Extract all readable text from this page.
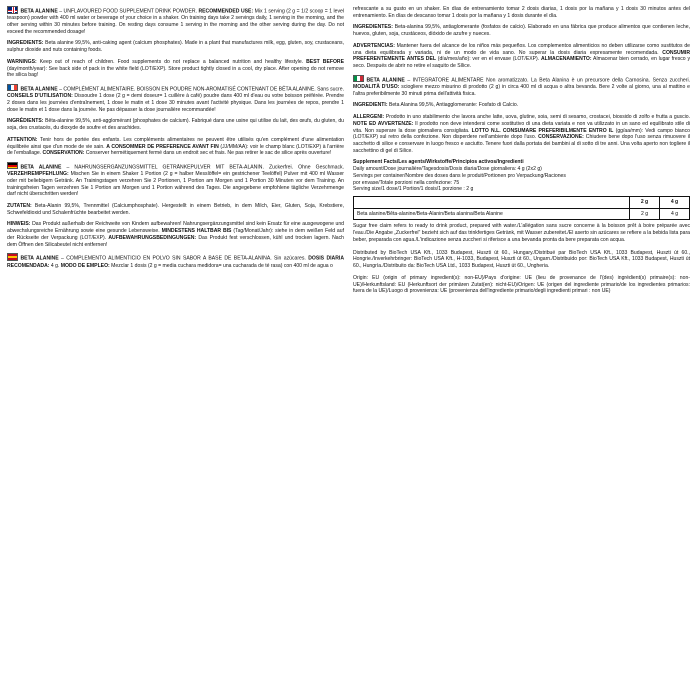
BETA ALANINE – UNFLAVOURED FOOD SUPPLEMENT DRINK POWDER. RECOMMENDED USE: Mix 1 serving (2 g = 1/2 scoop = 1 level teaspoon) powder with 400 ml water or beverage of your choice in a shaker. On training days take 2 servings daily, 1 serving in the morning, and the other serving within 30 minutes before training. On resting days consume 1 serving in the morning and the other serving during the day. Do not exceed the recommended dosage!

INGREDIENTS: Beta alanine 99,5%, anti-caking agent (calcium phosphates). Made in a plant that manufactures milk, egg, gluten, soy, crustaceans, sulphur dioxide and nuts containing foods.

WARNINGS: Keep out of reach of children. Food supplements do not replace a balanced nutrition and healthy lifestyle. BEST BEFORE (day/month/year): See back side of pack in the white field (LOT/EXP). Store product tightly closed in a cool, dry place. After opening do not remove the silica bag!

BETA ALANINE – COMPLÉMENT ALIMENTAIRE. BOISSON EN POUDRE NON-AROMATISÉ CONTENANT DE BÊTA ALANINE. Sans sucre. CONSEILS D'UTILISATION: Dissoudre 1 dose (2 g = demi doseur= 1 cuillère à café) poudre dans 400 ml d'eau ou votre boisson préférée. Prendre 2 doses dans les journées d'entraînement, 1 dose le matin et 1 dose 30 minutes avant l'activité physique. Dans les journées de repos, prendre 1 dose le matin et 1 dose dans la journée. Ne pas dépasser la dose journalière recommandée!

INGRÉDIENTS: Bêta-alanine 99,5%, anti-agglomérant (phosphates de calcium). Fabriqué dans une usine qui utilise du lait, des œufs, du gluten, du soja, des crustacés, du dioxyde de soufre et des arachides.

ATTENTION: Tenir hors de portée des enfants. Les compléments alimentaires ne peuvent être utilisés qu'en complément d'une alimentation équilibrée ainsi que d'un mode de vie sain. A CONSOMMER DE PREFERENCE AVANT FIN (JJ/MM/AA): voir le champ blanc (LOT/EXP) à l'arrière de l'emballage. CONSERVATION: Conserver hermétiquement fermé dans un endroit sec et frais. Ne pas retirer le sac de silice après ouverture!

BETA ALANINE – NAHRUNGSERGÄNZUNGSMITTEL GETRÄNKEPULVER MIT BETA-ALANIN. Zuckerfrei. Ohne Geschmack. VERZEHREMPFEHLUNG: Mischen Sie in einem Shaker 1 Portion (2 g = halber Messlöffel= ein gestrichener Teelöffel) Pulver mit 400 ml Wasser oder mit beliebigem Getränk. An Trainingstagen verzehren Sie 2 Portionen, 1 Portion am Morgen und 1 Portion 30 Minuten vor dem Training. An trainingsfreien Tagen verzehren Sie 1 Portion am Morgen und 1 Portion während des Tages. Die angegebene empfohlene tägliche Verzehrmenge darf nicht überschritten werden!

ZUTATEN: Beta-Alanin 99,5%, Trennmittel (Calciumphosphate). Hergestellt in einem Betrieb, in dem Milch, Eier, Gluten, Soja, Krebstiere, Schwefeldioxid und Schalenfrüchte bearbeitet werden.

HINWEIS: Das Produkt außerhalb der Reichweite von Kindern aufbewahren! Nahrungsergänzungsmittel sind kein Ersatz für eine ausgewogene und abwechslungsreiche Ernährung sowie eine gesunde Lebensweise. MINDESTENS HALTBAR BIS (Tag/Monat/Jahr): siehe in dem weißen Feld auf der Rückseite der Verpackung (LOT/EXP). AUFBEWAHRUNGSBEDINGUNGEN: Das Produkt fest verschlossen, kühl und trocken lagern. Nach dem Öffnen den Silicabeutel nicht entfernen!

BETA ALANINE – COMPLEMENTO ALIMENTICIO EN POLVO SIN SABOR A BASE DE BETA-ALANINA. Sin azúcares. DOSIS DIARIA RECOMENDADA: 4 g. MODO DE EMPLEO: Mezclar 1 dosis (2 g = media cuchara medidora= una cucharada de té rasa) con 400 ml de agua o

refrescante a su gusto en un shaker. En días de entrenamiento tomar 2 dosis diarias, 1 dosis por la mañana y 1 dosis 30 minutos antes del entrenamiento. En días de descanso tomar 1 dosis por la mañana y 1 dosis durante el día.

INGREDIENTES: Beta-alanina 99,5%, antiaglomerante (fosfatos de calcio). Elaborado en una fábrica que produce alimentos que contienen leche, huevos, gluten, soja, crustáceos, dióxido de azufre y nueces.

ADVERTENCIAS: Mantener fuera del alcance de los niños más pequeños. Los complementos alimenticios no deben utilizarse como sustitutos de una dieta equilibrada y variada, ni de un modo de vida sano. No superar la dosis diaria expresamente recomendada. CONSUMIR PREFERENTEMENTE ANTES DEL (día/mes/año): ver en el envase (LOT/EXP). ALMACENAMIENTO: Almacenar bien cerrado, en lugar fresco y seco. Después de abrir no retire el saquito de Sílice.

BETA ALANINE – INTEGRATORE ALIMENTARE Non aromatizzato. La Beta Alanina è un precursore della Carnosina. Senza zuccheri. MODALITÀ D'USO: sciogliere mezzo misurino di prodotto (2 g) in circa 400 ml di acqua o altra bevanda. Bere 2 volte al giorno, una al mattino e l'altra preferibilmente 30 minuti prima dell'attività fisica.

INGREDIENTI: Beta Alanina 99,5%, Antiagglomerante: Fosfato di Calcio.

ALLERGENI: Prodotto in uno stabilimento che lavora anche latte, uova, glutine, soia, semi di sesamo, crostacei, biossido di zolfo e frutta a guscio. NOTE ED AVVERTENZE: Il prodotto non deve intendersi come sostitutivo di una dieta variata e non va utilizzato in un sano ed equilibrato stile di vita. Non superare la dose giornaliera consigliata. LOTTO N.L. CONSUMARE PREFERIBILMENTE ENTRO IL (gg/aa/mm): Vedi campo bianco (LOT/EXP) sul retro della confezione. Non disperdere nell'ambiente dopo l'uso. CONSERVAZIONE: Chiudere bene dopo l'uso senza rimuovere il sacchetto di silice e conservare in luogo fresco e asciutto. Tenere fuori dalla portata dei bambini al di sotto di tre anni. Una volta aperto non togliere il sacchettino di gel di Silice.

Supplement Facts/Les agents/Wirkstoffe/Principios activos/Ingredienti
Daily amount/Dose journalière/Tagesdosis/Dosis diaria/Dose giornaliera: 4 g (2x2 g)
Servings per container/Nombre des doses dans le produit/Portionen pro Verpackung/Raciones
por envase/Totale porzioni nella confezione: 75
Serving size/1 dose/1 Portion/1 dosis/1 porzione : 2 g
	2 g	4 g
Beta alanine/Bêta-alanine/Beta-Alanin/Beta alanina/Beta Alanine	2 g	4 g

Sugar free claim refers to ready to drink product, prepared with water./L'allégation sans sucre concerne à la boisson prêt à boire préparée avec l'eau./Die Angabe „Zuckerfrei" bezieht sich auf das trinkfertiges Getränk, mit Wasser zubereitet./El aserto sin azúcares se refiere a la bebida lista para beber, preparada con agua./L'indicazione senza zuccheri si riferisce a una bevanda pronta da bere preparata con acqua.

Distributed by BioTech USA Kft., 1033 Budapest, Huszti út 60., Hungary./Distribué par BioTech USA Kft., 1033 Budapest, Huszti út 60., Hongrie./Inverkehrbringer: BioTech USA Kft., H-1033, Budapest, Huszti út 60., Ungarn./Distribuido por: BioTech USA Kft., 1033 Budapest, Huszti út 60., Hungría./Distribuito da: BioTech USA Ltd., 1033 Budapest, Huszti út 60., Ungheria.

Origin: EU (origin of primary ingredient(s): non-EU)/Pays d'origine: UE (lieu de provenance de l'(des) ingrédient(s) primaire(s): non-UE)/Herkunftsland: EU (Herkunftsort der primären Zutat(en): nicht-EU)/Origen: UE (origen del ingrediente primario/de los ingredientes primarios: fuera de la UE)/Luogo di provenienza: UE (provenienza dell'ingrediente primario/degli ingredienti primari : non UE)
